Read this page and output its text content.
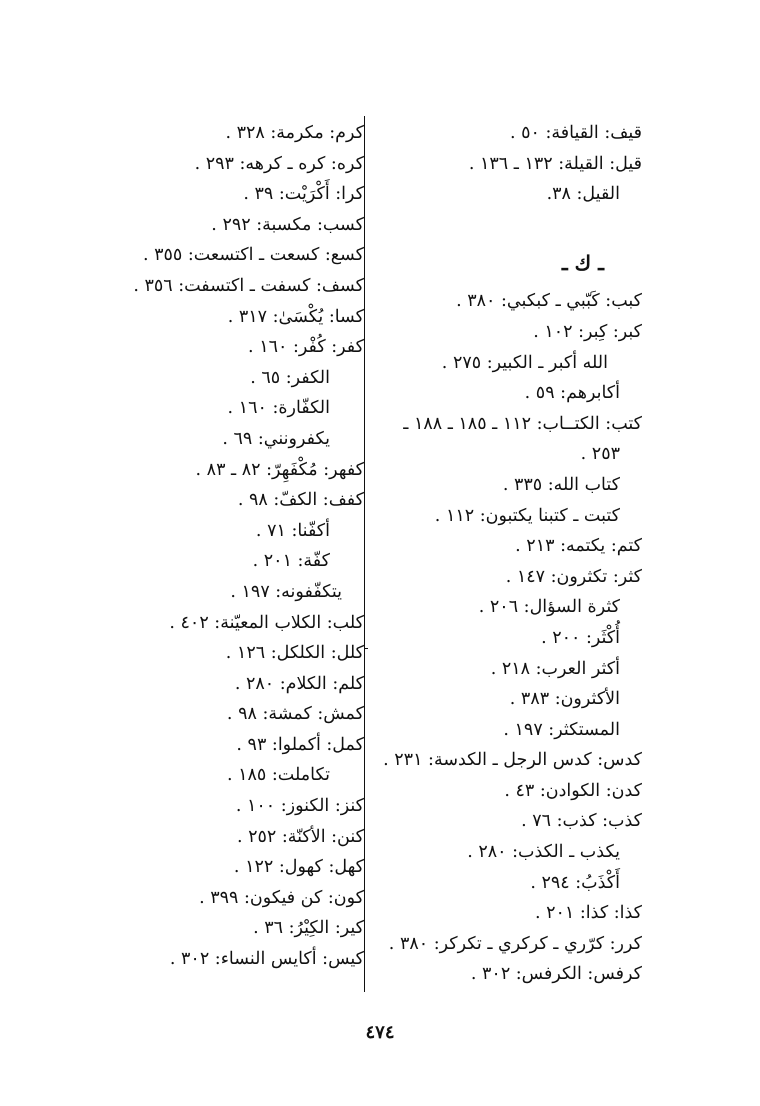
قيف: القيافة: ٥٠ .
قيل: القيلة: ١٣٢ ـ ١٣٦ .
القيل: ٣٨.
ـ ك ـ
كبب: كَبّبي ـ كبكبي: ٣٨٠ .
كبر: كِبر: ١٠٢ .
الله أكبر ـ الكبير: ٢٧٥ .
أكابرهم: ٥٩ .
كتب: الكتــاب: ١١٢ ـ ١٨٥ ـ ١٨٨ ـ
٢٥٣ .
كتاب الله: ٣٣٥ .
كتبت ـ كتبنا يكتبون: ١١٢ .
كتم: يكتمه: ٢١٣ .
كثر: تكثرون: ١٤٧ .
كثرة السؤال: ٢٠٦ .
أُكْثَر: ٢٠٠ .
أكثر العرب: ٢١٨ .
الأكثرون: ٣٨٣ .
المستكثر: ١٩٧ .
كدس: كدس الرجل ـ الكدسة: ٢٣١ .
كدن: الكوادن: ٤٣ .
كذب: كذب: ٧٦ .
يكذب ـ الكذب: ٢٨٠ .
أَكْذَبُ: ٢٩٤ .
كذا: كذا: ٢٠١ .
كرر: كرّري ـ كركري ـ تكركر: ٣٨٠ .
كرفس: الكرفس: ٣٠٢ .
كرم: مكرمة: ٣٢٨ .
كره: كره ـ كرهه: ٢٩٣ .
كرا: أَكْرَيْت: ٣٩ .
كسب: مكسبة: ٢٩٢ .
كسع: كسعت ـ اكتسعت: ٣٥٥ .
كسف: كسفت ـ اكتسفت: ٣٥٦ .
كسا: يُكْسَىٰ: ٣١٧ .
كفر: كُفْر: ١٦٠ .
الكفر: ٦٥ .
الكفّارة: ١٦٠ .
يكفرونني: ٦٩ .
كفهر: مُكْفَهِرّ: ٨٢ ـ ٨٣ .
كفف: الكفّ: ٩٨ .
أكفّنا: ٧١ .
كفّة: ٢٠١ .
يتكفّفونه: ١٩٧ .
كلب: الكلاب المعيّنة: ٤٠٢ .
كلل: الكلكل: ١٢٦ .
كلم: الكلام: ٢٨٠ .
كمش: كمشة: ٩٨ .
كمل: أكملوا: ٩٣ .
تكاملت: ١٨٥ .
كنز: الكنوز: ١٠٠ .
كنن: الأكنّة: ٢٥٢ .
كهل: كهول: ١٢٢ .
كون: كن فيكون: ٣٩٩ .
كير: الكِيْرُ: ٣٦ .
كيس: أكايس النساء: ٣٠٢ .
٤٧٤
